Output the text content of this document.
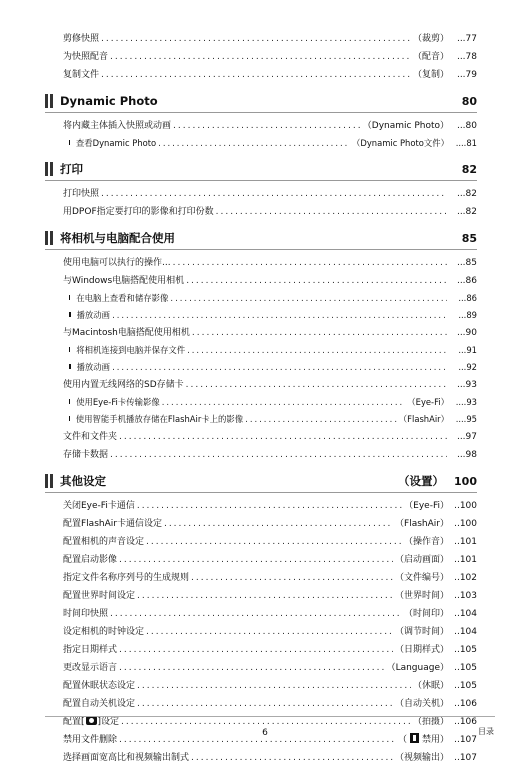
剪修快照 .....	（裁剪） ...77
为快照配音 .....	（配音） ...78
复制文件 .....	（复制） ...79
Dynamic Photo	80
将内藏主体插入快照或动画 .....	（Dynamic Photo） ...80
查看Dynamic Photo .....	（Dynamic Photo文件） ....81
打印	82
打印快照 .....	...82
用DPOF指定要打印的影像和打印份数 .....	...82
将相机与电脑配合使用	85
使用电脑可以执行的操作... .....	...85
与Windows电脑搭配使用相机 .....	...86
在电脑上查看和储存影像 .....	...86
播放动画 .....	...89
与Macintosh电脑搭配使用相机 .....	...90
将相机连接到电脑并保存文件 .....	...91
播放动画 .....	...92
使用内置无线网络的SD存储卡 .....	...93
使用Eye-Fi卡传输影像 .....	（Eye-Fi） ....93
使用智能手机播放存储在FlashAir卡上的影像 .....	（FlashAir） ....95
文件和文件夹 .....	...97
存储卡数据 .....	...98
其他设定	（设置） 100
关闭Eye-Fi卡通信 .....	（Eye-Fi） ..100
配置FlashAir卡通信设定 .....	（FlashAir） ..100
配置相机的声音设定 .....	（操作音） ..101
配置启动影像 .....	（启动画面） ..101
指定文件名称序列号的生成规则 .....	（文件编号） ..102
配置世界时间设定 .....	（世界时间） ..103
时间印快照 .....	（时间印） ..104
设定相机的时钟设定 .....	（调节时间） ..104
指定日期样式 .....	（日期样式） ..105
更改显示语言 .....	（Language） ..105
配置休眠状态设定 .....	（休眠） ..105
配置自动关机设定 .....	（自动关机） ..106
配置[ ]设定 .....	（拍摄） ..106
禁用文件删除 .....	（ 禁用） ..107
选择画面宽高比和视频输出制式 .....	（视频输出） ..107
6	目录
